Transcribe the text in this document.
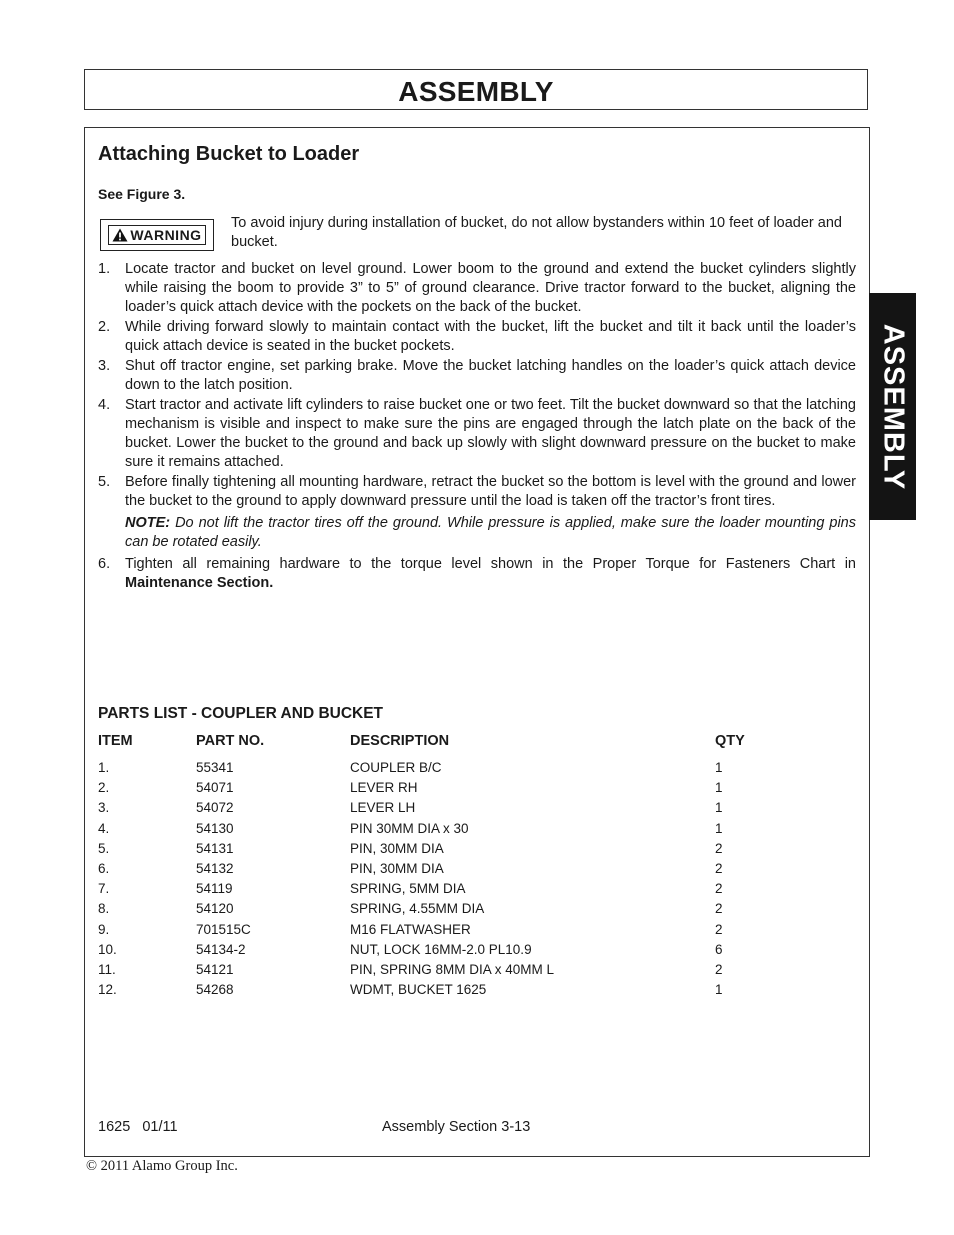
ASSEMBLY
ASSEMBLY
Attaching Bucket to Loader
See Figure 3.
WARNING
To avoid injury during installation of bucket, do not allow bystanders within 10 feet of loader and bucket.
1. Locate tractor and bucket on level ground. Lower boom to the ground and extend the bucket cylinders slightly while raising the boom to provide 3” to 5” of ground clearance. Drive tractor forward to the bucket, aligning the loader’s quick attach device with the pockets on the back of the bucket.
2. While driving forward slowly to maintain contact with the bucket, lift the bucket and tilt it back until the loader’s quick attach device is seated in the bucket pockets.
3. Shut off tractor engine, set parking brake. Move the bucket latching handles on the loader’s quick attach device down to the latch position.
4. Start tractor and activate lift cylinders to raise bucket one or two feet. Tilt the bucket downward so that the latching mechanism is visible and inspect to make sure the pins are engaged through the latch plate on the back of the bucket. Lower the bucket to the ground and back up slowly with slight downward pressure on the bucket to make sure it remains attached.
5. Before finally tightening all mounting hardware, retract the bucket so the bottom is level with the ground and lower the bucket to the ground to apply downward pressure until the load is taken off the tractor’s front tires.
NOTE: Do not lift the tractor tires off the ground. While pressure is applied, make sure the loader mounting pins can be rotated easily.
6. Tighten all remaining hardware to the torque level shown in the Proper Torque for Fasteners Chart in Maintenance Section.
PARTS LIST - COUPLER AND BUCKET
ITEM	PART NO.	DESCRIPTION	QTY
1.	55341	COUPLER B/C	1
2.	54071	LEVER RH	1
3.	54072	LEVER LH	1
4.	54130	PIN 30MM DIA x 30	1
5.	54131	PIN, 30MM DIA	2
6.	54132	PIN, 30MM DIA	2
7.	54119	SPRING, 5MM DIA	2
8.	54120	SPRING, 4.55MM DIA	2
9.	701515C	M16 FLATWASHER	2
10.	54134-2	NUT, LOCK 16MM-2.0 PL10.9	6
11.	54121	PIN, SPRING 8MM DIA x 40MM L	2
12.	54268	WDMT, BUCKET 1625	1
1625   01/11	Assembly Section 3-13
© 2011 Alamo Group Inc.
